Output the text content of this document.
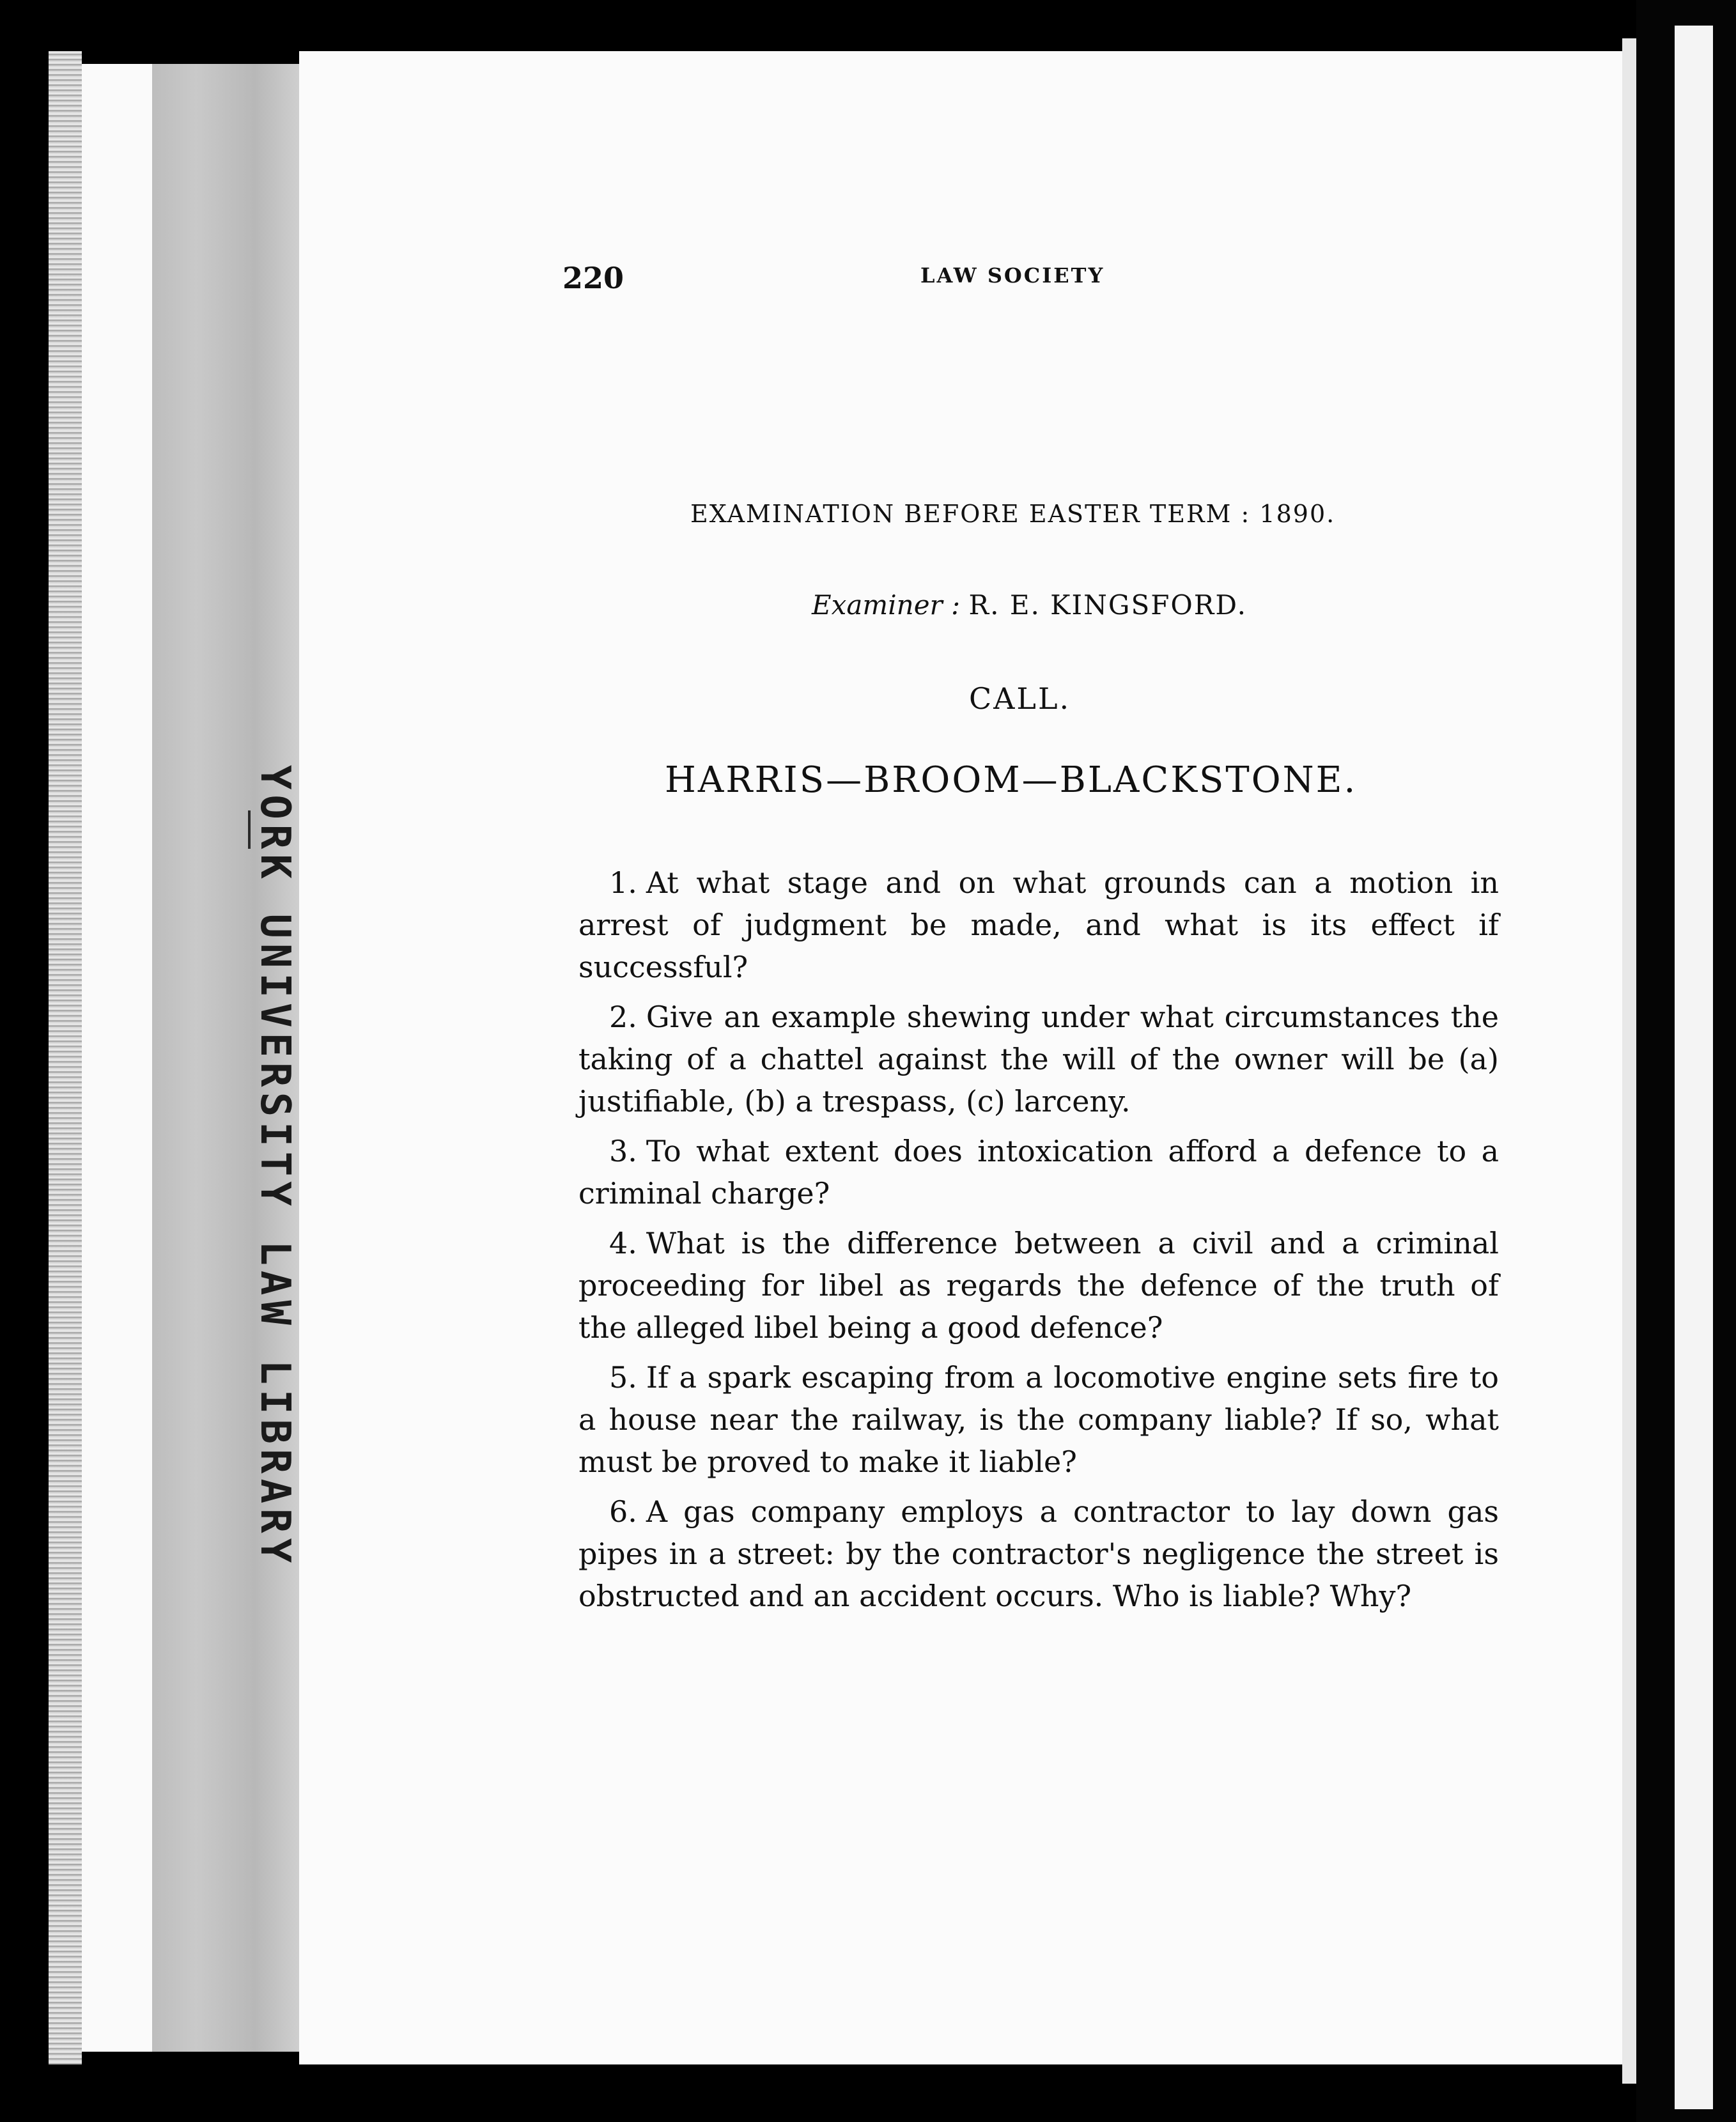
YORK UNIVERSITY LAW LIBRARY
220	LAW SOCIETY
EXAMINATION BEFORE EASTER TERM : 1890.
Examiner : R. E. KINGSFORD.
CALL.
HARRIS—BROOM—BLACKSTONE.

1. At what stage and on what grounds can a motion in arrest of judgment be made, and what is its effect if successful?

2. Give an example shewing under what circumstances the taking of a chattel against the will of the owner will be (a) justifiable, (b) a trespass, (c) larceny.

3. To what extent does intoxication afford a defence to a criminal charge?

4. What is the difference between a civil and a criminal proceeding for libel as regards the defence of the truth of the alleged libel being a good defence?

5. If a spark escaping from a locomotive engine sets fire to a house near the railway, is the company liable? If so, what must be proved to make it liable?

6. A gas company employs a contractor to lay down gas pipes in a street: by the contractor's negligence the street is obstructed and an accident occurs. Who is liable? Why?
